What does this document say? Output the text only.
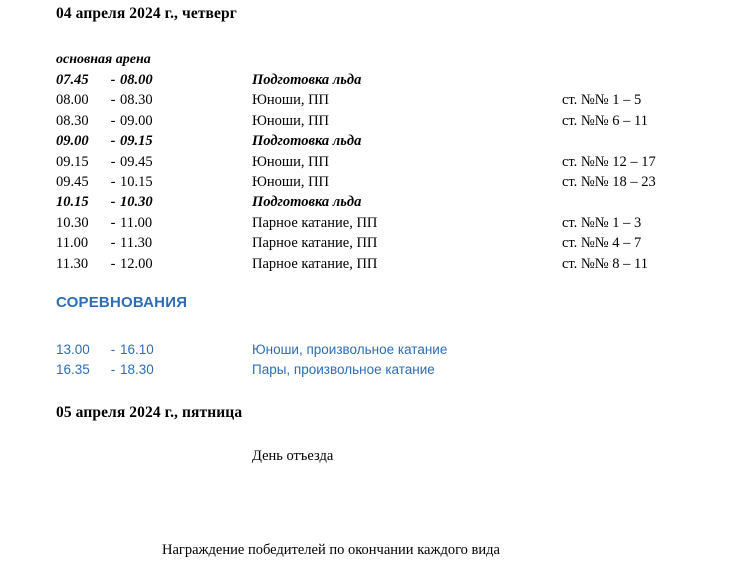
04 апреля 2024 г., четверг
основная арена
07.45	- 08.00	Подготовка льда
08.00	- 08.30	Юноши, ПП	ст. №№ 1 – 5
08.30	- 09.00	Юноши, ПП	ст. №№ 6 – 11
09.00	- 09.15	Подготовка льда
09.15	- 09.45	Юноши, ПП	ст. №№ 12 – 17
09.45	- 10.15	Юноши, ПП	ст. №№ 18 – 23
10.15	- 10.30	Подготовка льда
10.30	- 11.00	Парное катание, ПП	ст. №№ 1 – 3
11.00	- 11.30	Парное катание, ПП	ст. №№ 4 – 7
11.30	- 12.00	Парное катание, ПП	ст. №№ 8 – 11
СОРЕВНОВАНИЯ
13.00	- 16.10	Юноши, произвольное катание
16.35	- 18.30	Пары, произвольное катание
05 апреля 2024 г., пятница
День отъезда
Награждение победителей по окончании каждого вида
